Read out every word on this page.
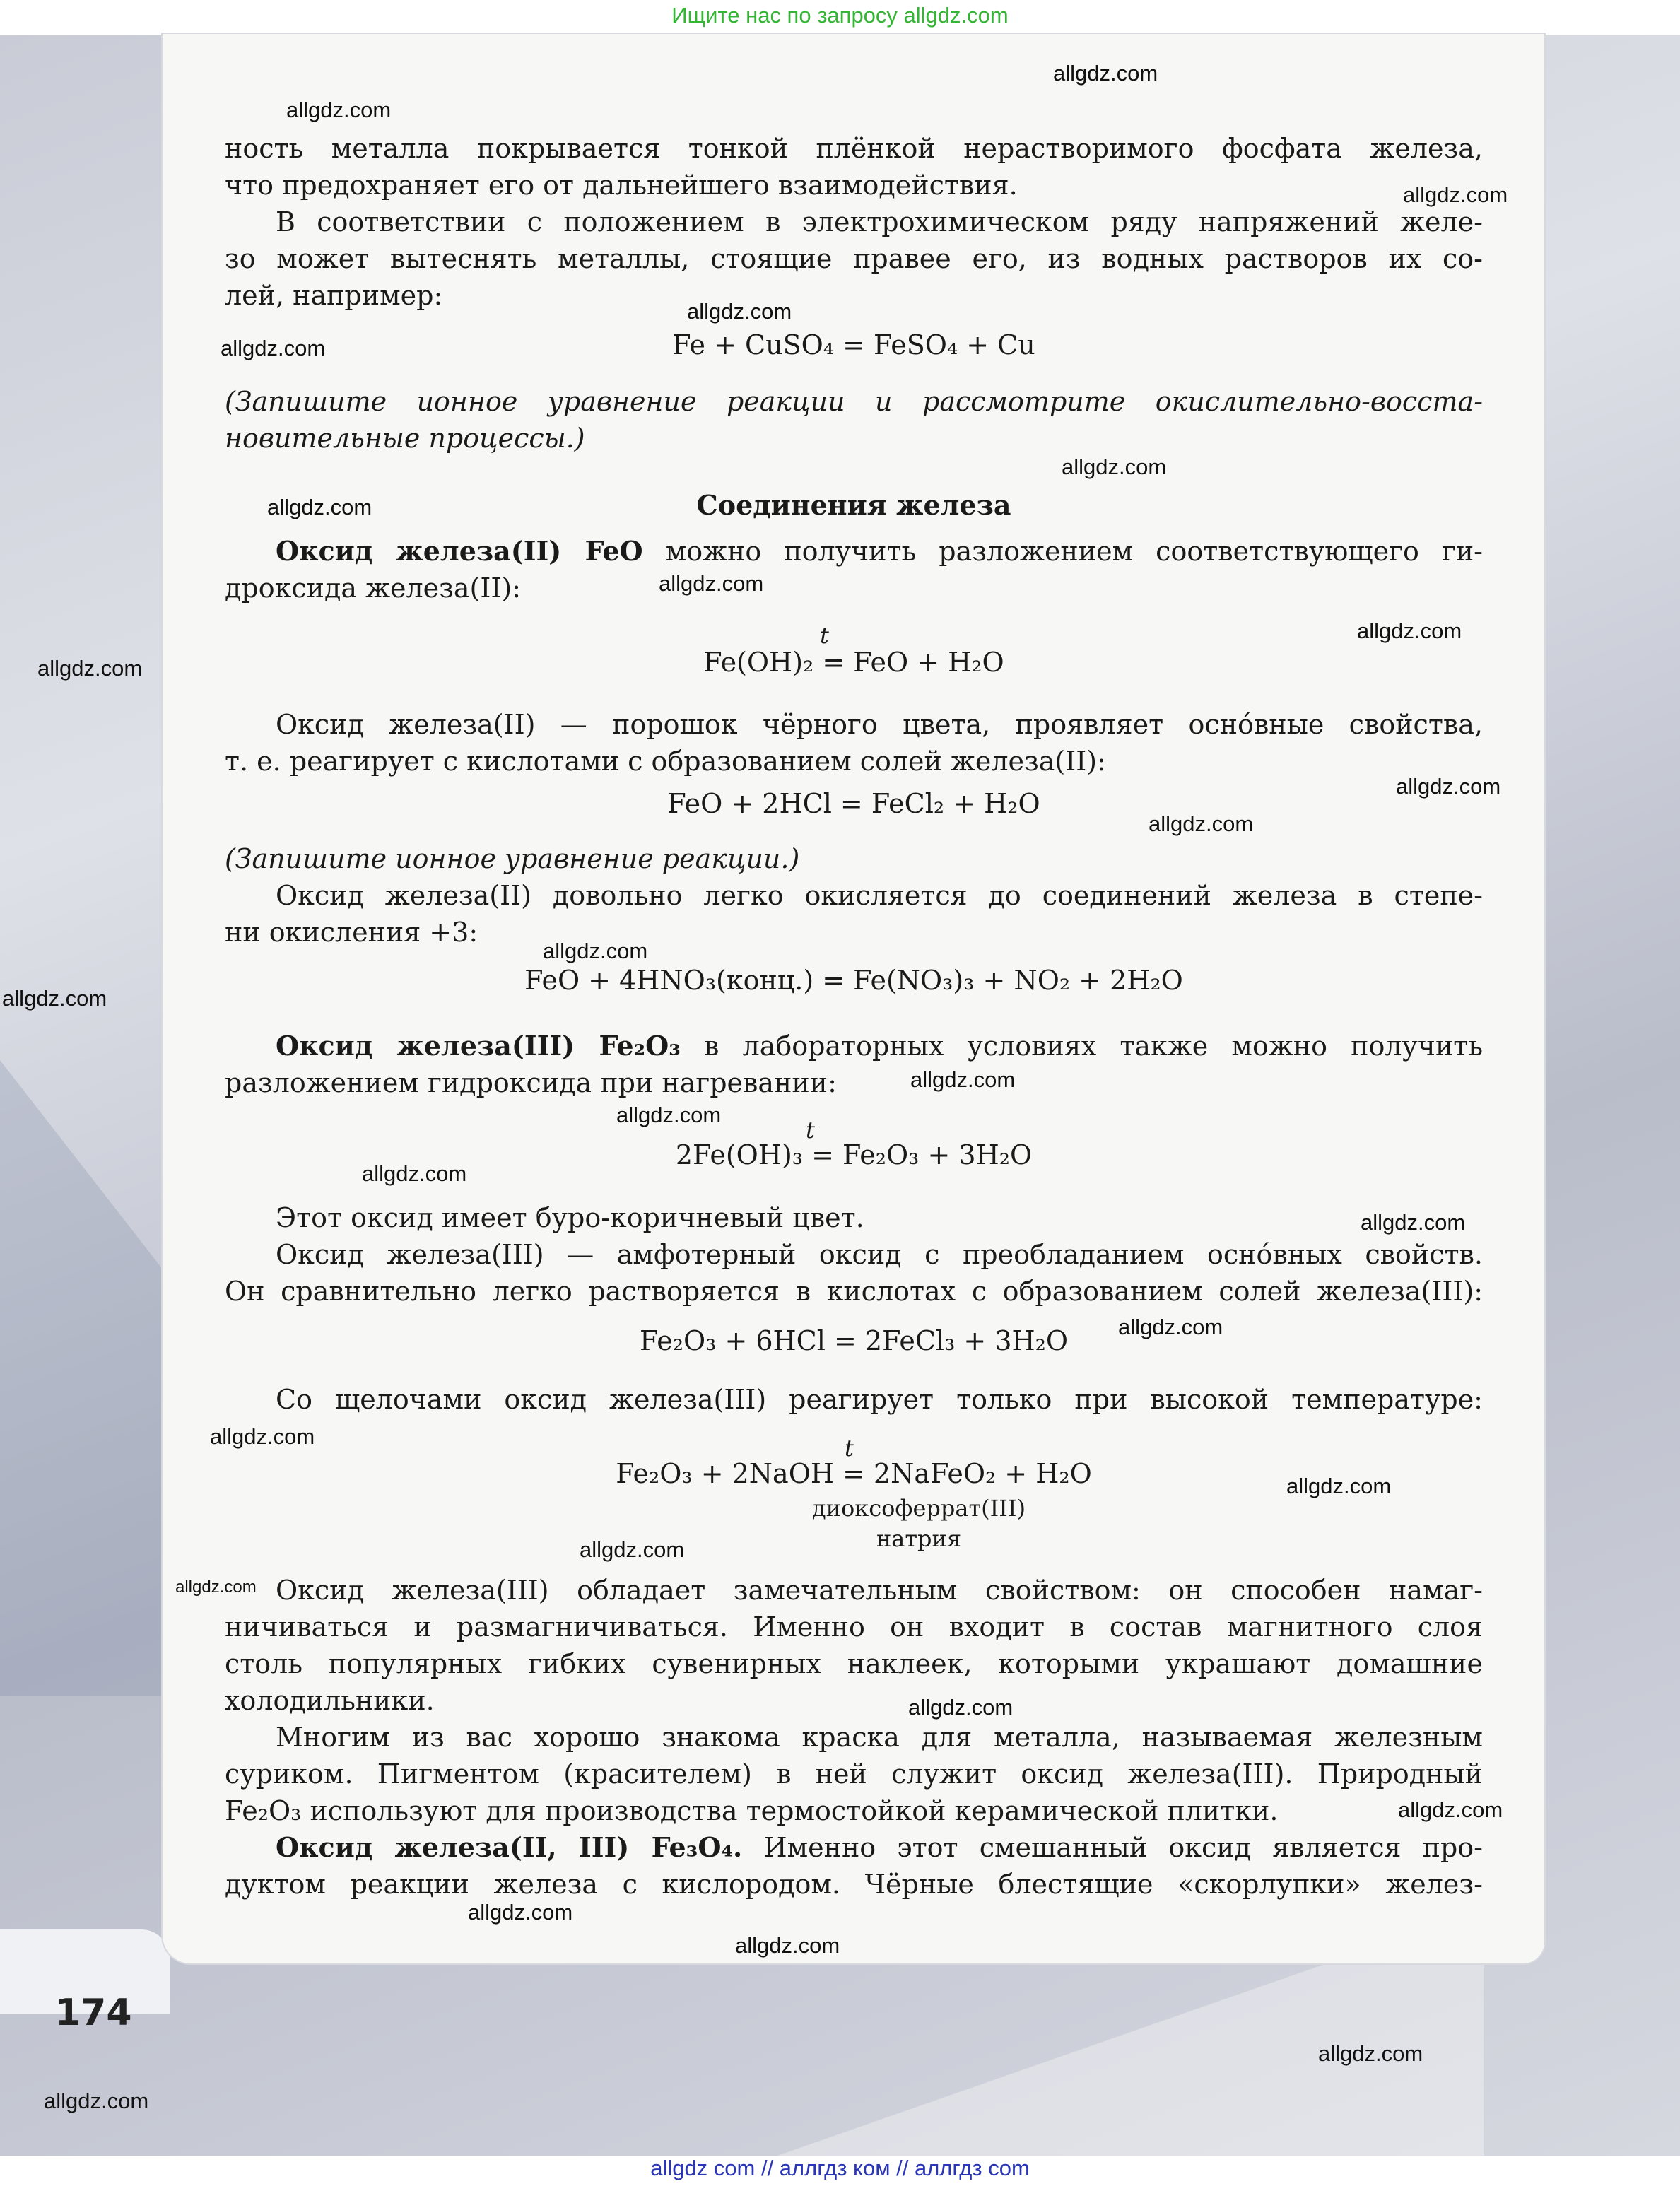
Ищите нас по запросу allgdz.com
ность металла покрывается тонкой плёнкой нерастворимого фосфата железа,
что предохраняет его от дальнейшего взаимодействия.
В соответствии с положением в электрохимическом ряду напряжений желе-
зо может вытеснять металлы, стоящие правее его, из водных растворов их со-
лей, например:
Fe + CuSO₄ = FeSO₄ + Cu
(Запишите ионное уравнение реакции и рассмотрите окислительно-восста-
новительные процессы.)
Соединения железа
Оксид железа(II) FeO можно получить разложением соответствующего ги-
дроксида железа(II):
t
Fe(OH)₂ = FeO + H₂O
Оксид железа(II) — порошок чёрного цвета, проявляет осно́вные свойства,
т. е. реагирует с кислотами с образованием солей железа(II):
FeO + 2HCl = FeCl₂ + H₂O
(Запишите ионное уравнение реакции.)
Оксид железа(II) довольно легко окисляется до соединений железа в степе-
ни окисления +3:
FeO + 4HNO₃(конц.) = Fe(NO₃)₃ + NO₂ + 2H₂O
Оксид железа(III) Fe₂O₃ в лабораторных условиях также можно получить
разложением гидроксида при нагревании:
t
2Fe(OH)₃ = Fe₂O₃ + 3H₂O
Этот оксид имеет буро-коричневый цвет.
Оксид железа(III) — амфотерный оксид с преобладанием осно́вных свойств.
Он сравнительно легко растворяется в кислотах с образованием солей железа(III):
Fe₂O₃ + 6HCl = 2FeCl₃ + 3H₂O
Со щелочами оксид железа(III) реагирует только при высокой температуре:
t
Fe₂O₃ + 2NaOH = 2NaFeO₂ + H₂O
диоксоферрат(III)
натрия
Оксид железа(III) обладает замечательным свойством: он способен намаг-
ничиваться и размагничиваться. Именно он входит в состав магнитного слоя
столь популярных гибких сувенирных наклеек, которыми украшают домашние
холодильники.
Многим из вас хорошо знакома краска для металла, называемая железным
суриком. Пигментом (красителем) в ней служит оксид железа(III). Природный
Fe₂O₃ используют для производства термостойкой керамической плитки.
Оксид железа(II, III) Fe₃O₄. Именно этот смешанный оксид является про-
дуктом реакции железа с кислородом. Чёрные блестящие «скорлупки» желез-
174
allgdz.com
allgdz.com
allgdz.com
allgdz.com
allgdz.com
allgdz.com
allgdz.com
allgdz.com
allgdz.com
allgdz.com
allgdz.com
allgdz.com
allgdz.com
allgdz.com
allgdz.com
allgdz.com
allgdz.com
allgdz.com
allgdz.com
allgdz.com
allgdz.com
allgdz.com
allgdz.com
allgdz.com
allgdz.com
allgdz.com
allgdz.com
allgdz.com
allgdz.com
allgdz com // аллгдз ком // аллгдз com
